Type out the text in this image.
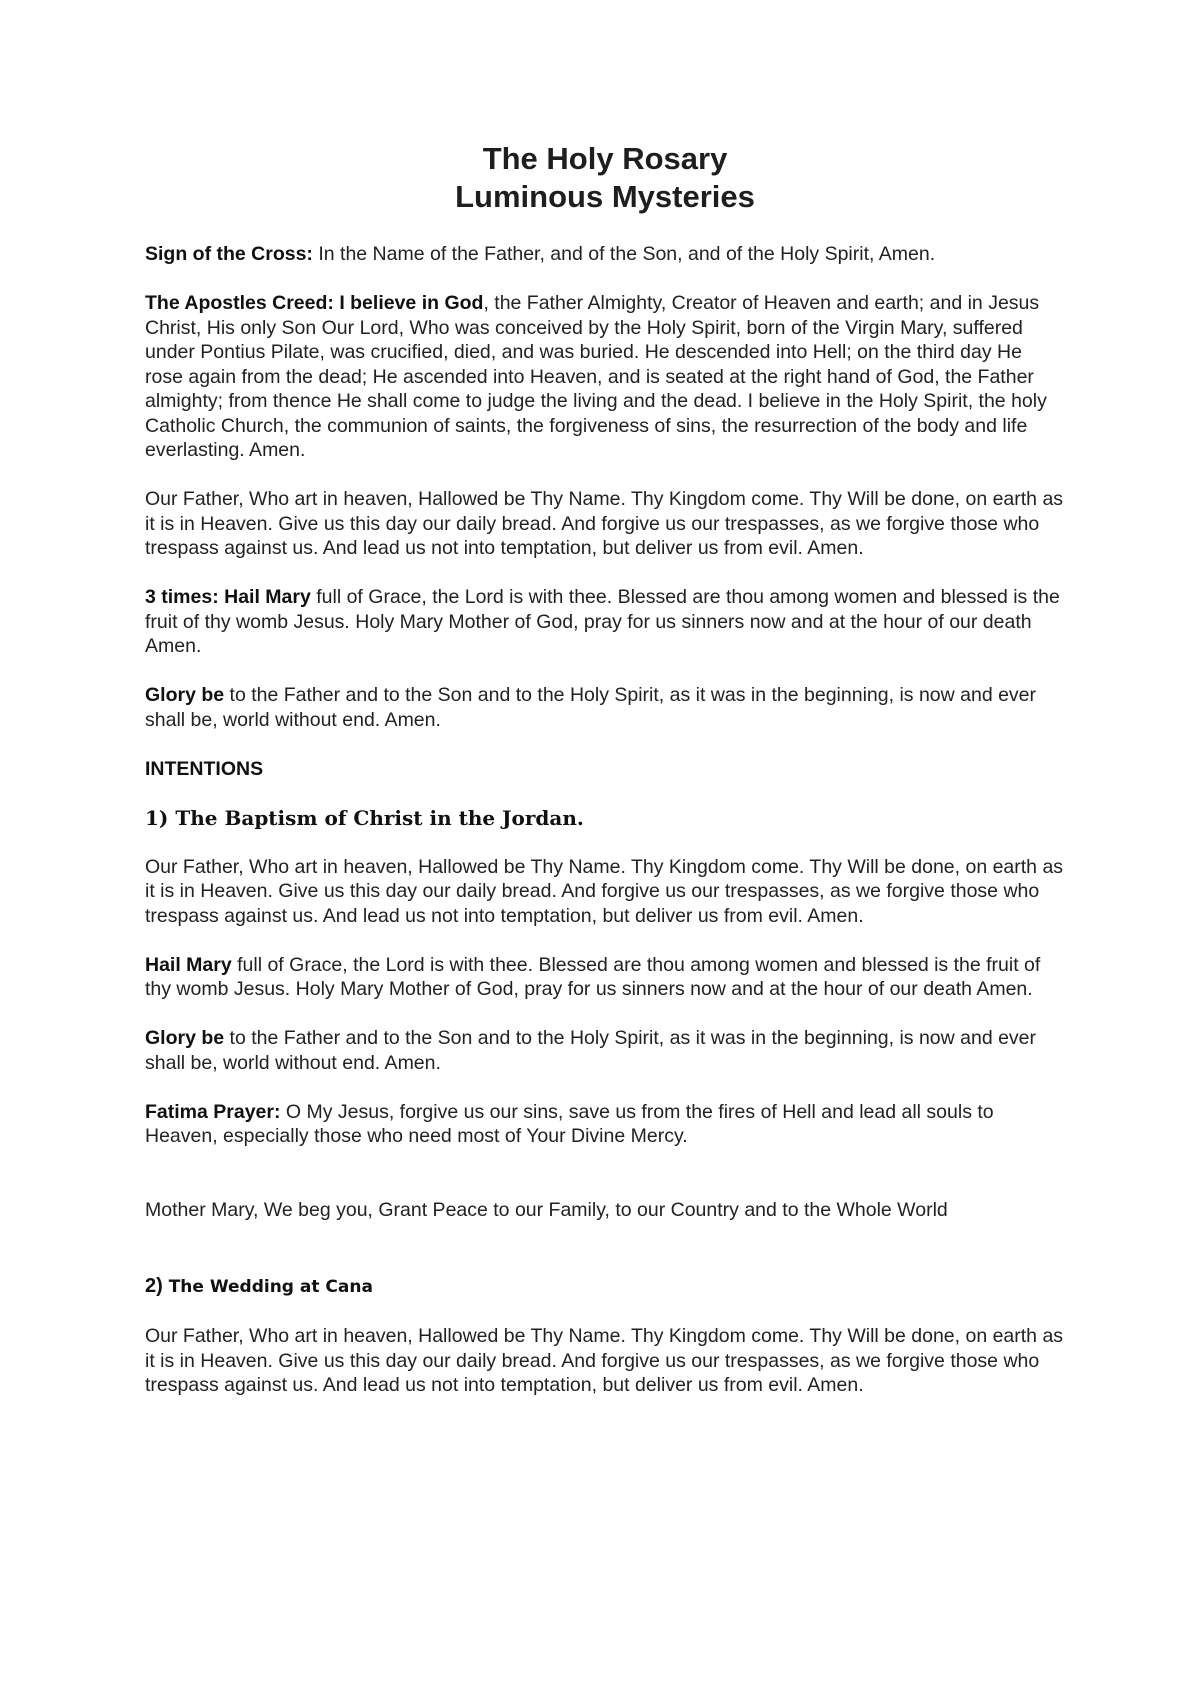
The Holy Rosary
Luminous Mysteries

Sign of the Cross: In the Name of the Father, and of the Son, and of the Holy Spirit, Amen.

The Apostles Creed: I believe in God, the Father Almighty, Creator of Heaven and earth; and in Jesus Christ, His only Son Our Lord, Who was conceived by the Holy Spirit, born of the Virgin Mary, suffered under Pontius Pilate, was crucified, died, and was buried. He descended into Hell; on the third day He rose again from the dead; He ascended into Heaven, and is seated at the right hand of God, the Father almighty; from thence He shall come to judge the living and the dead. I believe in the Holy Spirit, the holy Catholic Church, the communion of saints, the forgiveness of sins, the resurrection of the body and life everlasting. Amen.

Our Father, Who art in heaven, Hallowed be Thy Name. Thy Kingdom come. Thy Will be done, on earth as it is in Heaven. Give us this day our daily bread. And forgive us our trespasses, as we forgive those who trespass against us. And lead us not into temptation, but deliver us from evil. Amen.

3 times: Hail Mary full of Grace, the Lord is with thee. Blessed are thou among women and blessed is the fruit of thy womb Jesus. Holy Mary Mother of God, pray for us sinners now and at the hour of our death Amen.

Glory be to the Father and to the Son and to the Holy Spirit, as it was in the beginning, is now and ever shall be, world without end. Amen.

INTENTIONS

1) The Baptism of Christ in the Jordan.

Our Father, Who art in heaven, Hallowed be Thy Name. Thy Kingdom come. Thy Will be done, on earth as it is in Heaven. Give us this day our daily bread. And forgive us our trespasses, as we forgive those who trespass against us. And lead us not into temptation, but deliver us from evil. Amen.

Hail Mary full of Grace, the Lord is with thee. Blessed are thou among women and blessed is the fruit of thy womb Jesus. Holy Mary Mother of God, pray for us sinners now and at the hour of our death Amen.

Glory be to the Father and to the Son and to the Holy Spirit, as it was in the beginning, is now and ever shall be, world without end. Amen.

Fatima Prayer: O My Jesus, forgive us our sins, save us from the fires of Hell and lead all souls to Heaven, especially those who need most of Your Divine Mercy.

Mother Mary, We beg you, Grant Peace to our Family, to our Country and to the Whole World

2) The Wedding at Cana

Our Father, Who art in heaven, Hallowed be Thy Name. Thy Kingdom come. Thy Will be done, on earth as it is in Heaven. Give us this day our daily bread. And forgive us our trespasses, as we forgive those who trespass against us. And lead us not into temptation, but deliver us from evil. Amen.
